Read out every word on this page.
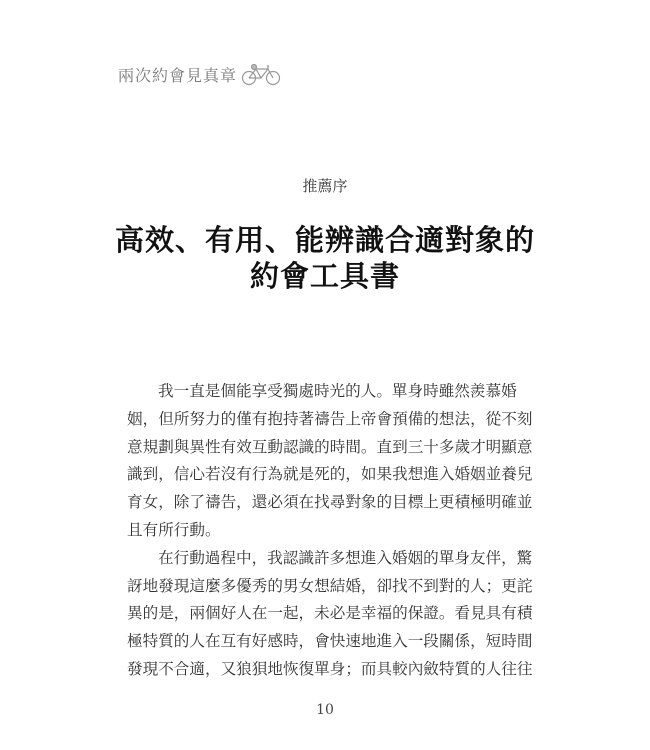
兩次約會見真章
推薦序
高效、有用、能辨識合適對象的
約會工具書
我一直是個能享受獨處時光的人。單身時雖然羨慕婚
姻，但所努力的僅有抱持著禱告上帝會預備的想法，從不刻
意規劃與異性有效互動認識的時間。直到三十多歲才明顯意
識到，信心若沒有行為就是死的，如果我想進入婚姻並養兒
育女，除了禱告，還必須在找尋對象的目標上更積極明確並
且有所行動。
在行動過程中，我認識許多想進入婚姻的單身友伴，驚
訝地發現這麼多優秀的男女想結婚，卻找不到對的人；更詫
異的是，兩個好人在一起，未必是幸福的保證。看見具有積
極特質的人在互有好感時，會快速地進入一段關係，短時間
發現不合適，又狼狽地恢復單身；而具較內斂特質的人往往
10
